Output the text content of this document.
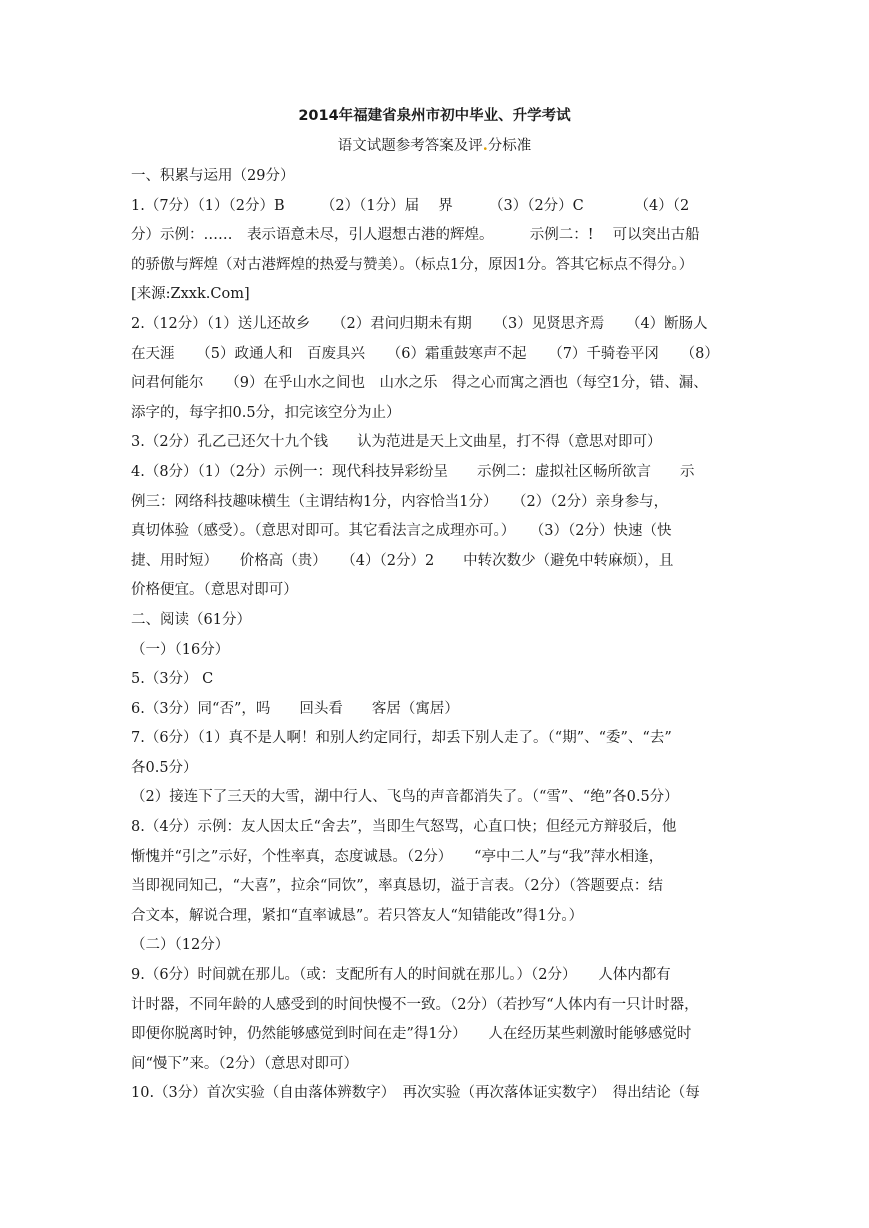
2014年福建省泉州市初中毕业、升学考试
语文试题参考答案及评.分标准
一、积累与运用（29分）
1.（7分）（1）（2分）B　　　（2）（1分）届　 界　　　（3）（2分）C　　　　（4）（2
分）示例：……　表示语意未尽，引人遐想古港的辉煌。　　　示例二：!　 可以突出古船
的骄傲与辉煌（对古港辉煌的热爱与赞美）。（标点1分，原因1分。答其它标点不得分。）
[来源:Zxxk.Com]
2.（12分）（1）送儿还故乡　　（2）君问归期未有期　　（3）见贤思齐焉　　（4）断肠人
在天涯　　（5）政通人和　百废具兴　　（6）霜重鼓寒声不起　　（7）千骑卷平冈　　（8）
问君何能尔　　（9）在乎山水之间也　山水之乐　得之心而寓之酒也（每空1分，错、漏、
添字的，每字扣0.5分，扣完该空分为止）
3.（2分）孔乙己还欠十九个钱　　认为范进是天上文曲星，打不得（意思对即可）
4.（8分）（1）（2分）示例一：现代科技异彩纷呈　　示例二：虚拟社区畅所欲言　　示
例三：网络科技趣味横生（主谓结构1分，内容恰当1分）　　（2）（2分）亲身参与，
真切体验（感受）。（意思对即可。其它看法言之成理亦可。）　　（3）（2分）快速（快
捷、用时短）　　价格高（贵）　　（4）（2分）2　　中转次数少（避免中转麻烦），且
价格便宜。（意思对即可）
二、阅读（61分）
（一）（16分）
5.（3分） C
6.（3分）同“否”，吗　　回头看　　客居（寓居）
7.（6分）（1）真不是人啊！和别人约定同行，却丢下别人走了。（“期”、“委”、“去”
各0.5分）
（2）接连下了三天的大雪，湖中行人、飞鸟的声音都消失了。（“雪”、“绝”各0.5分）
8.（4分）示例：友人因太丘“舍去”，当即生气怒骂，心直口快；但经元方辩驳后，他
惭愧并“引之”示好，个性率真，态度诚恳。（2分）　　“亭中二人”与“我”萍水相逢，
当即视同知己，“大喜”，拉余“同饮”，率真恳切，溢于言表。（2分）（答题要点：结
合文本，解说合理，紧扣“直率诚恳”。若只答友人“知错能改”得1分。）
（二）（12分）
9.（6分）时间就在那儿。（或：支配所有人的时间就在那儿。）（2分）　　人体内都有
计时器，不同年龄的人感受到的时间快慢不一致。（2分）（若抄写“人体内有一只计时器，
即便你脱离时钟，仍然能够感觉到时间在走”得1分）　　人在经历某些刺激时能够感觉时
间“慢下”来。（2分）（意思对即可）
10.（3分）首次实验（自由落体辨数字）　再次实验（再次落体证实数字）　得出结论（每
